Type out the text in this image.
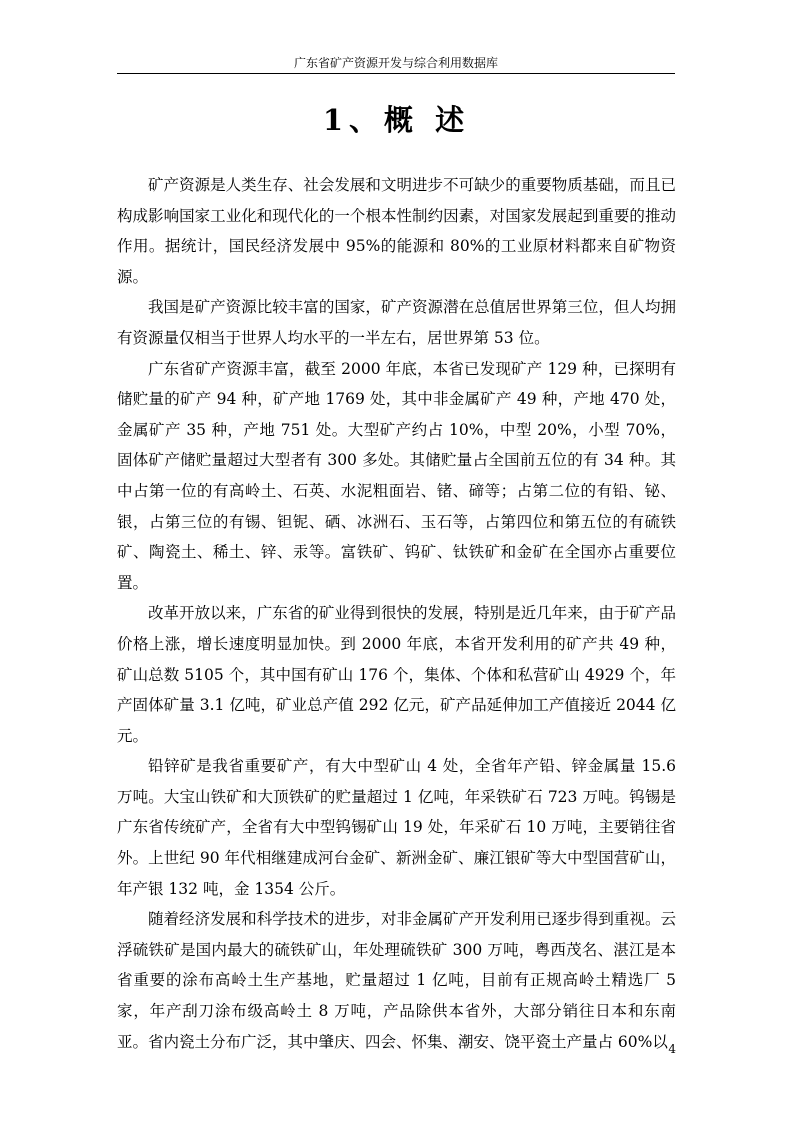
广东省矿产资源开发与综合利用数据库
1、概 述

矿产资源是人类生存、社会发展和文明进步不可缺少的重要物质基础，而且已构成影响国家工业化和现代化的一个根本性制约因素，对国家发展起到重要的推动作用。据统计，国民经济发展中 95%的能源和 80%的工业原材料都来自矿物资源。

我国是矿产资源比较丰富的国家，矿产资源潜在总值居世界第三位，但人均拥有资源量仅相当于世界人均水平的一半左右，居世界第 53 位。

广东省矿产资源丰富，截至 2000 年底，本省已发现矿产 129 种，已探明有储贮量的矿产 94 种，矿产地 1769 处，其中非金属矿产 49 种，产地 470 处，金属矿产 35 种，产地 751 处。大型矿产约占 10%，中型 20%，小型 70%，固体矿产储贮量超过大型者有 300 多处。其储贮量占全国前五位的有 34 种。其中占第一位的有高岭土、石英、水泥粗面岩、锗、碲等；占第二位的有铅、铋、银，占第三位的有锡、钽铌、硒、冰洲石、玉石等，占第四位和第五位的有硫铁矿、陶瓷土、稀土、锌、汞等。富铁矿、钨矿、钛铁矿和金矿在全国亦占重要位置。

改革开放以来，广东省的矿业得到很快的发展，特别是近几年来，由于矿产品价格上涨，增长速度明显加快。到 2000 年底，本省开发利用的矿产共 49 种，矿山总数 5105 个，其中国有矿山 176 个，集体、个体和私营矿山 4929 个，年产固体矿量 3.1 亿吨，矿业总产值 292 亿元，矿产品延伸加工产值接近 2044 亿元。

铅锌矿是我省重要矿产，有大中型矿山 4 处，全省年产铅、锌金属量 15.6 万吨。大宝山铁矿和大顶铁矿的贮量超过 1 亿吨，年采铁矿石 723 万吨。钨锡是广东省传统矿产，全省有大中型钨锡矿山 19 处，年采矿石 10 万吨，主要销往省外。上世纪 90 年代相继建成河台金矿、新洲金矿、廉江银矿等大中型国营矿山，年产银 132 吨，金 1354 公斤。

随着经济发展和科学技术的进步，对非金属矿产开发利用已逐步得到重视。云浮硫铁矿是国内最大的硫铁矿山，年处理硫铁矿 300 万吨，粤西茂名、湛江是本省重要的涂布高岭土生产基地，贮量超过 1 亿吨，目前有正规高岭土精选厂 5 家，年产刮刀涂布级高岭土 8 万吨，产品除供本省外，大部分销往日本和东南亚。省内瓷土分布广泛，其中肇庆、四会、怀集、潮安、饶平瓷土产量占 60%以 4
